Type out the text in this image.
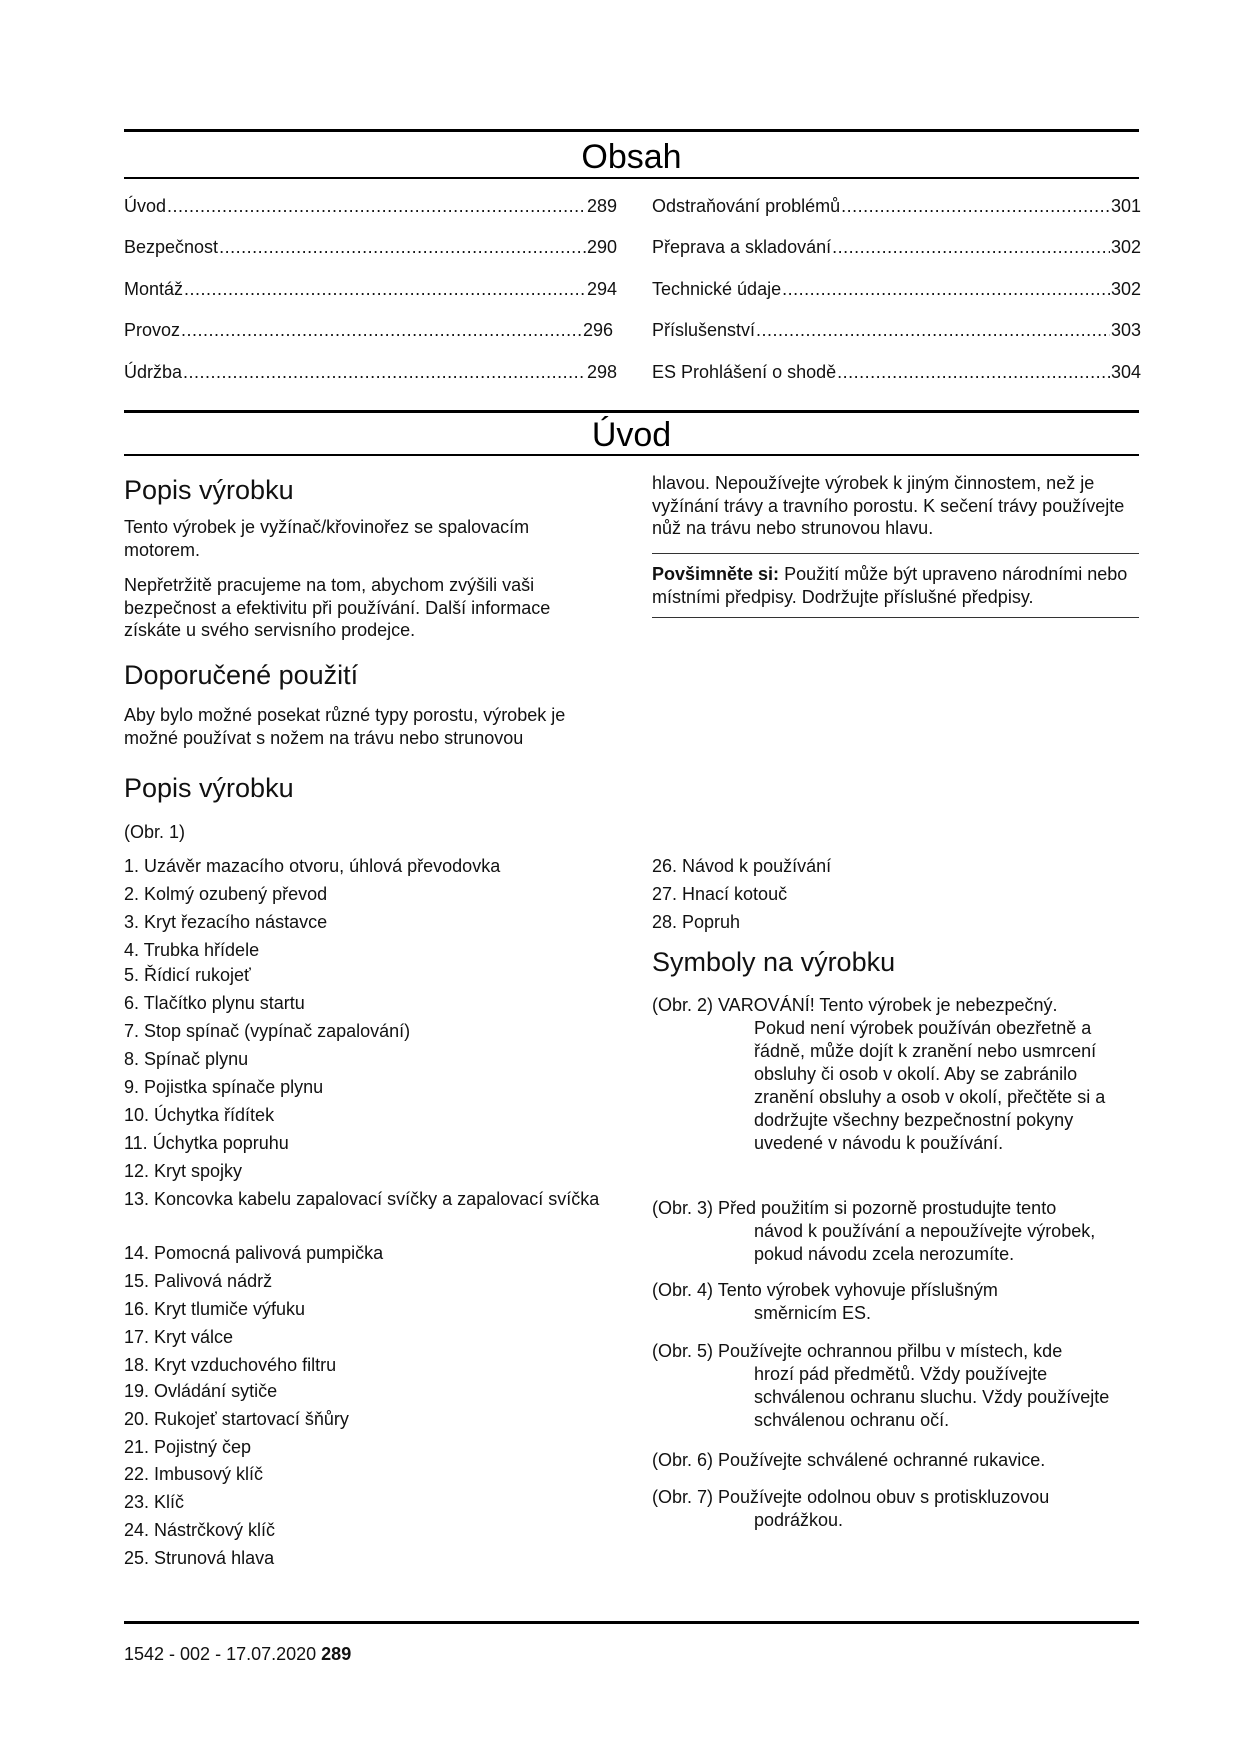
Obsah
Úvod .....	289
Bezpečnost .....	290
Montáž .....	294
Provoz .....	296
Údržba .....	298
Odstraňování problémů .....	301
Přeprava a skladování .....	302
Technické údaje .....	302
Příslušenství .....	303
ES Prohlášení o shodě .....	304
Úvod
Popis výrobku
Tento výrobek je vyžínač/křovinořez se spalovacím motorem.
Nepřetržitě pracujeme na tom, abychom zvýšili vaši bezpečnost a efektivitu při používání. Další informace získáte u svého servisního prodejce.
Doporučené použití
Aby bylo možné posekat různé typy porostu, výrobek je možné používat s nožem na trávu nebo strunovou
hlavou. Nepoužívejte výrobek k jiným činnostem, než je vyžínání trávy a travního porostu. K sečení trávy používejte nůž na trávu nebo strunovou hlavu.
Povšimněte si: Použití může být upraveno národními nebo místními předpisy. Dodržujte příslušné předpisy.
Popis výrobku
(Obr. 1)
1. Uzávěr mazacího otvoru, úhlová převodovka
2. Kolmý ozubený převod
3. Kryt řezacího nástavce
4. Trubka hřídele
5. Řídicí rukojeť
6. Tlačítko plynu startu
7. Stop spínač (vypínač zapalování)
8. Spínač plynu
9. Pojistka spínače plynu
10. Úchytka řídítek
11. Úchytka popruhu
12. Kryt spojky
13. Koncovka kabelu zapalovací svíčky a zapalovací svíčka
14. Pomocná palivová pumpička
15. Palivová nádrž
16. Kryt tlumiče výfuku
17. Kryt válce
18. Kryt vzduchového filtru
19. Ovládání sytiče
20. Rukojeť startovací šňůry
21. Pojistný čep
22. Imbusový klíč
23. Klíč
24. Nástrčkový klíč
25. Strunová hlava
26. Návod k používání
27. Hnací kotouč
28. Popruh
Symboly na výrobku
(Obr. 2) VAROVÁNÍ! Tento výrobek je nebezpečný.
Pokud není výrobek používán obezřetně a řádně, může dojít k zranění nebo usmrcení obsluhy či osob v okolí. Aby se zabránilo zranění obsluhy a osob v okolí, přečtěte si a dodržujte všechny bezpečnostní pokyny uvedené v návodu k používání.
(Obr. 3) Před použitím si pozorně prostudujte tento
návod k používání a nepoužívejte výrobek, pokud návodu zcela nerozumíte.
(Obr. 4) Tento výrobek vyhovuje příslušným
směrnicím ES.
(Obr. 5) Používejte ochrannou přilbu v místech, kde
hrozí pád předmětů. Vždy používejte schválenou ochranu sluchu. Vždy používejte schválenou ochranu očí.
(Obr. 6) Používejte schválené ochranné rukavice.
(Obr. 7) Používejte odolnou obuv s protiskluzovou
podrážkou.
1542 - 002 - 17.07.2020 289
